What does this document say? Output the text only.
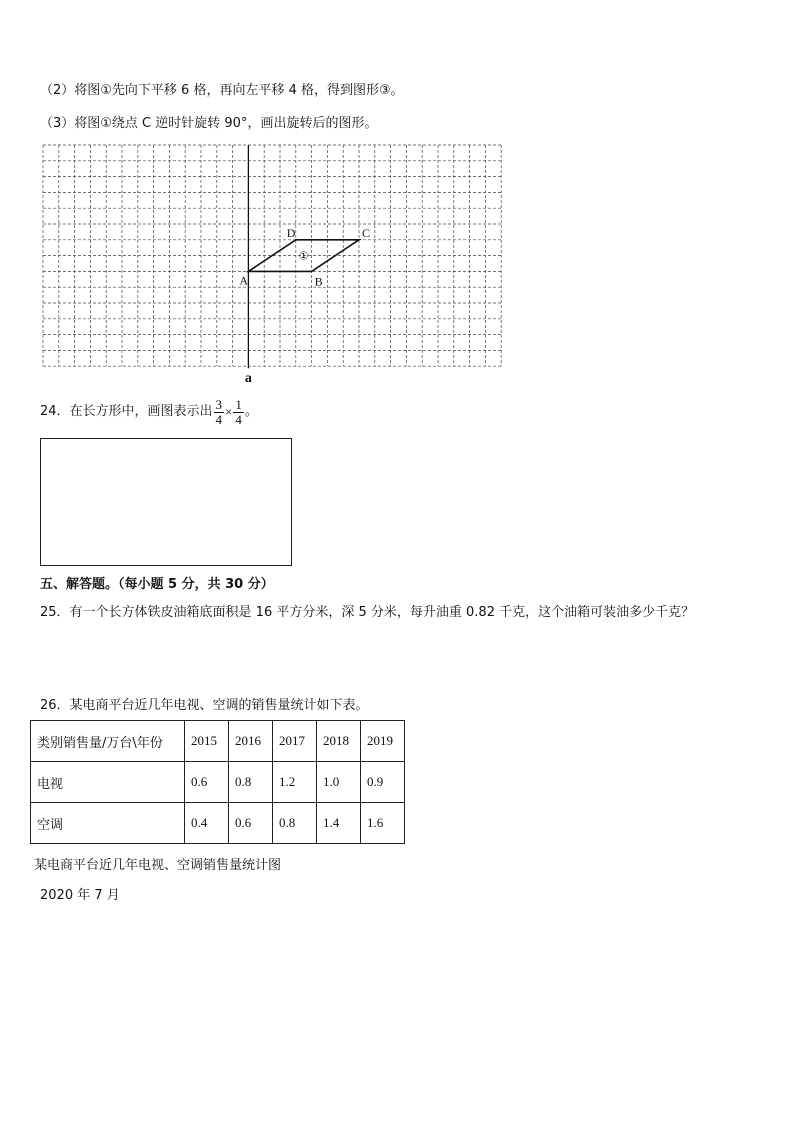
（2）将图①先向下平移 6 格，再向左平移 4 格，得到图形③。
（3）将图①绕点 C 逆时针旋转 90°，画出旋转后的图形。
A	B
C
D
①
a
24．在长方形中，画图表示出 $\frac{3}{4} \times \frac{1}{4}$ 。
五、解答题。（每小题 5 分，共 30 分）
25．有一个长方体铁皮油箱底面积是 16 平方分米，深 5 分米，每升油重 0.82 千克，这个油箱可装油多少千克？
26．某电商平台近几年电视、空调的销售量统计如下表。
类别销售量/万台\年份	2015	2016	2017	2018	2019
电视	0.6	0.8	1.2	1.0	0.9
空调	0.4	0.6	0.8	1.4	1.6
某电商平台近几年电视、空调销售量统计图
2020 年 7 月
